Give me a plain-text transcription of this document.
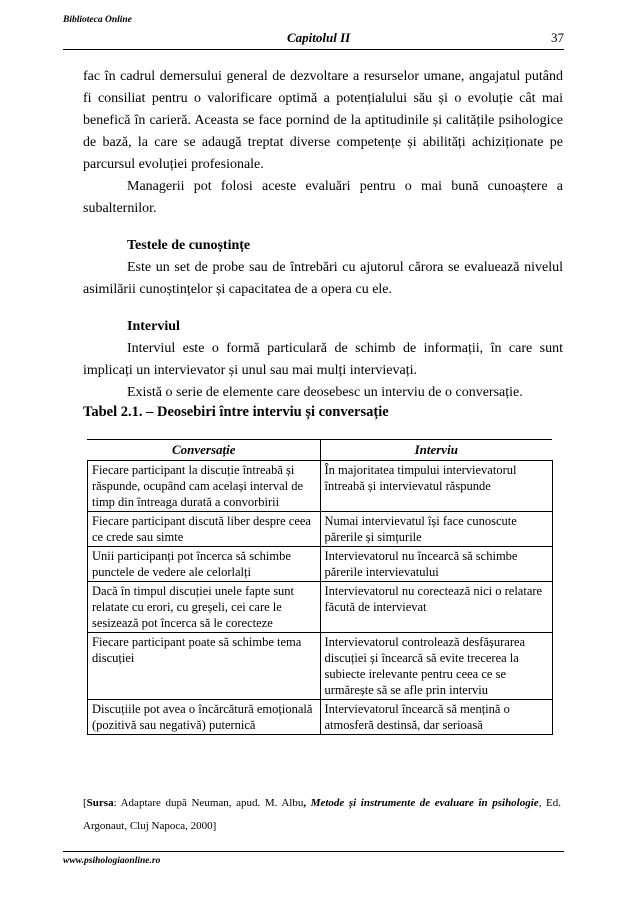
Biblioteca Online
Capitolul II	37

fac în cadrul demersului general de dezvoltare a resurselor umane, angajatul putând fi consiliat pentru o valorificare optimă a potențialului său și o evoluție cât mai benefică în carieră. Aceasta se face pornind de la aptitudinile și calitățile psihologice de bază, la care se adaugă treptat diverse competențe și abilități achiziționate pe parcursul evoluției profesionale.

Managerii pot folosi aceste evaluări pentru o mai bună cunoaștere a subalternilor.

Testele de cunoștințe

Este un set de probe sau de întrebări cu ajutorul cărora se evaluează nivelul asimilării cunoștințelor și capacitatea de a opera cu ele.

Interviul

Interviul este o formă particulară de schimb de informații, în care sunt implicați un intervievator și unul sau mai mulți intervievați.

Există o serie de elemente care deosebesc un interviu de o conversație.

Tabel 2.1. – Deosebiri între interviu și conversație
Conversație	Interviu
Fiecare participant la discuție întreabă și răspunde, ocupând cam același interval de timp din întreaga durată a convorbirii	În majoritatea timpului intervievatorul întreabă și intervievatul răspunde
Fiecare participant discută liber despre ceea ce crede sau simte	Numai intervievatul își face cunoscute părerile și simțurile
Unii participanți pot încerca să schimbe punctele de vedere ale celorlalți	Intervievatorul nu încearcă să schimbe părerile intervievatului
Dacă în timpul discuției unele fapte sunt relatate cu erori, cu greșeli, cei care le sesizează pot încerca să le corecteze	Intervievatorul nu corectează nici o relatare făcută de intervievat
Fiecare participant poate să schimbe tema discuției	Intervievatorul controlează desfășurarea discuției și încearcă să evite trecerea la subiecte irelevante pentru ceea ce se urmărește să se afle prin interviu
Discuțiile pot avea o încărcătură emoțională (pozitivă sau negativă) puternică	Intervievatorul încearcă să mențină o atmosferă destinsă, dar serioasă
[Sursa: Adaptare după Neuman, apud. M. Albu, Metode și instrumente de evaluare în psihologie, Ed. Argonaut, Cluj Napoca, 2000]
www.psihologiaonline.ro
